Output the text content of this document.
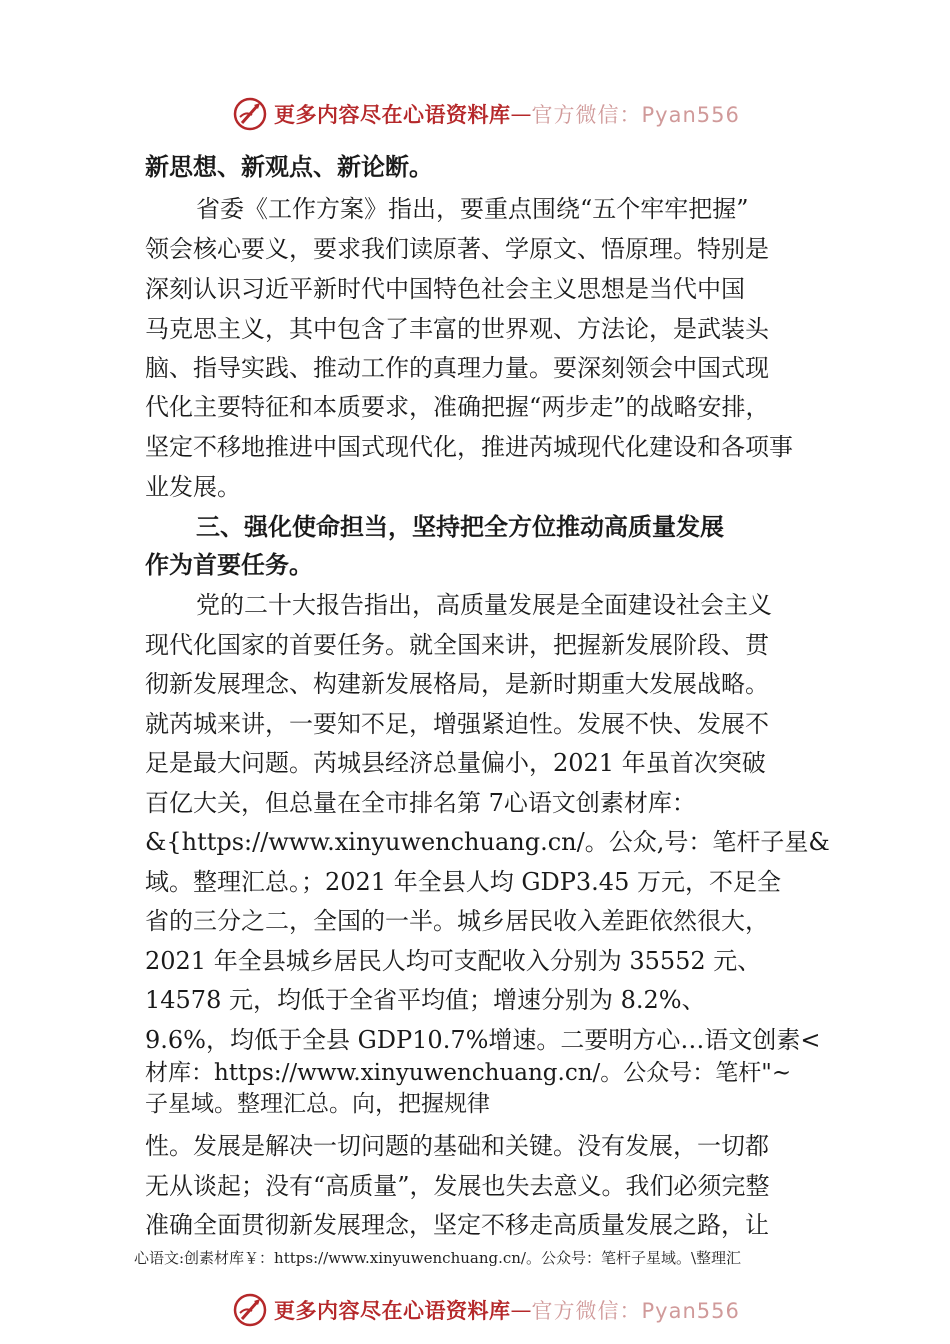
更多内容尽在心语资料库 — 官方微信：Pyan556
新思想、新观点、新论断。
省委《工作方案》指出，要重点围绕“五个牢牢把握”
领会核心要义，要求我们读原著、学原文、悟原理。特别是
深刻认识习近平新时代中国特色社会主义思想是当代中国
马克思主义，其中包含了丰富的世界观、方法论，是武装头
脑、指导实践、推动工作的真理力量。要深刻领会中国式现
代化主要特征和本质要求，准确把握“两步走”的战略安排，
坚定不移地推进中国式现代化，推进芮城现代化建设和各项事
业发展。
三、强化使命担当，坚持把全方位推动高质量发展
作为首要任务。
党的二十大报告指出，高质量发展是全面建设社会主义
现代化国家的首要任务。就全国来讲，把握新发展阶段、贯
彻新发展理念、构建新发展格局，是新时期重大发展战略。
就芮城来讲，一要知不足，增强紧迫性。发展不快、发展不
足是最大问题。芮城县经济总量偏小，2021 年虽首次突破
百亿大关，但总量在全市排名第 7心语文创素材库：
&{https://www.xinyuwenchuang.cn/。公众,号：笔杆子星&
域。整理汇总。；2021 年全县人均 GDP3.45 万元，不足全
省的三分之二，全国的一半。城乡居民收入差距依然很大，
2021 年全县城乡居民人均可支配收入分别为 35552 元、
14578 元，均低于全省平均值；增速分别为 8.2%、
9.6%，均低于全县 GDP10.7%增速。二要明方心…语文创素<
材库：https://www.xinyuwenchuang.cn/。公众号：笔杆"~
子星域。整理汇总。向，把握规律
性。发展是解决一切问题的基础和关键。没有发展，一切都
无从谈起；没有“高质量”，发展也失去意义。我们必须完整
准确全面贯彻新发展理念，坚定不移走高质量发展之路，让
心语文:创素材库￥：https://www.xinyuwenchuang.cn/。公众号：笔杆子星域。\整理汇
更多内容尽在心语资料库 — 官方微信：Pyan556
